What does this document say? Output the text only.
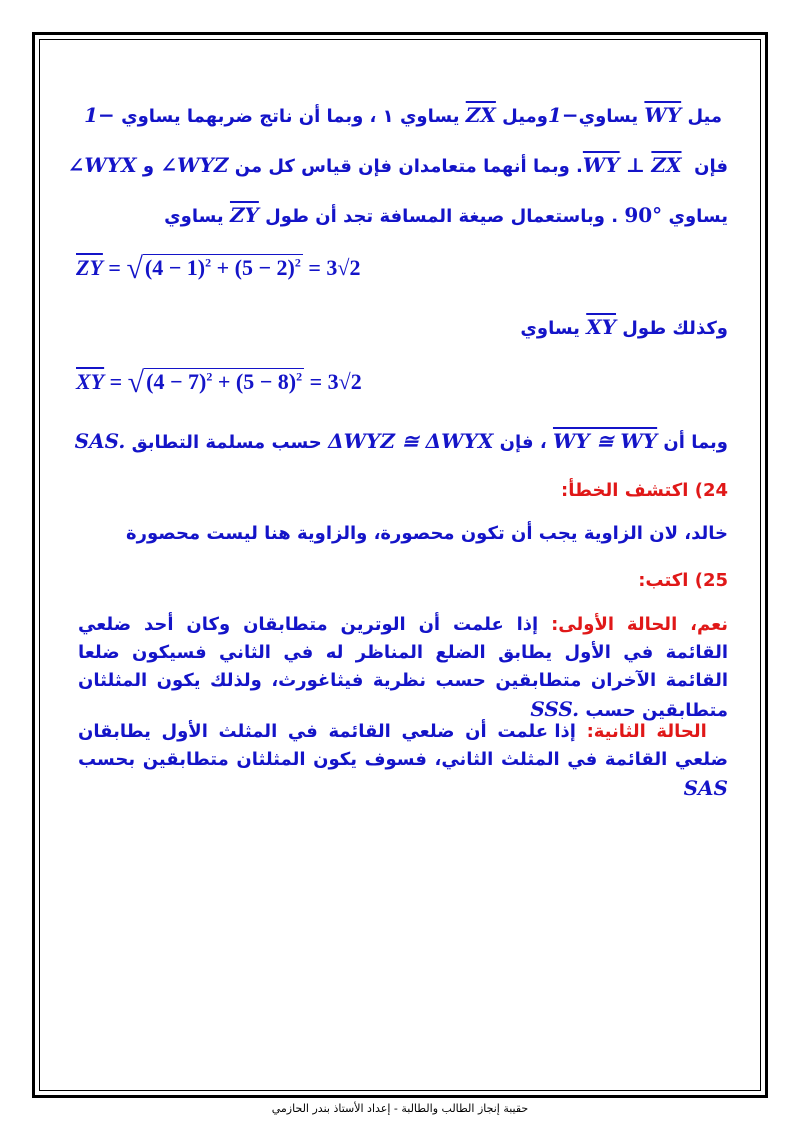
ميل $\overline{WY}$ يساوي1−وميل $\overline{ZX}$ يساوي ١ ، وبما أن ناتج ضربهما يساوي 1−
فإن $\overline{WY}$ ⊥ $\overline{ZX}$ . وبما أنهما متعامدان فإن قياس كل من ∠WYZ و ∠WYX
يساوي 90° . وباستعمال صيغة المسافة تجد أن طول $\overline{ZY}$ يساوي
$\overline{ZY} = √(4 - 1)^2 + (5 - 2)^2 = 3√2$
وكذلك طول $\overline{XY}$ يساوي
$\overline{XY} = √(4 - 7)^2 + (5 - 8)^2 = 3√2$
وبما أن WY ≅ WY ، فإن ΔWYZ ≅ ΔWYX حسب مسلمة التطابق SAS.
24) اكتشف الخطأ:
خالد، لان الزاوية يجب أن تكون محصورة، والزاوية هنا ليست محصورة
25) اكتب:
نعم، الحالة الأولى: إذا علمت أن الوترين متطابقان وكان أحد ضلعي القائمة في الأول يطابق الضلع المناظر له في الثاني فسيكون ضلعا القائمة الآخران متطابقين حسب نظرية فيثاغورث، ولذلك يكون المثلثان متطابقين حسب SSS.
الحالة الثانية: إذا علمت أن ضلعي القائمة في المثلث الأول يطابقان ضلعي القائمة في المثلث الثاني، فسوف يكون المثلثان متطابقين بحسب SAS
حقيبة إنجاز الطالب والطالبة - إعداد الأستاذ بندر الحازمي
